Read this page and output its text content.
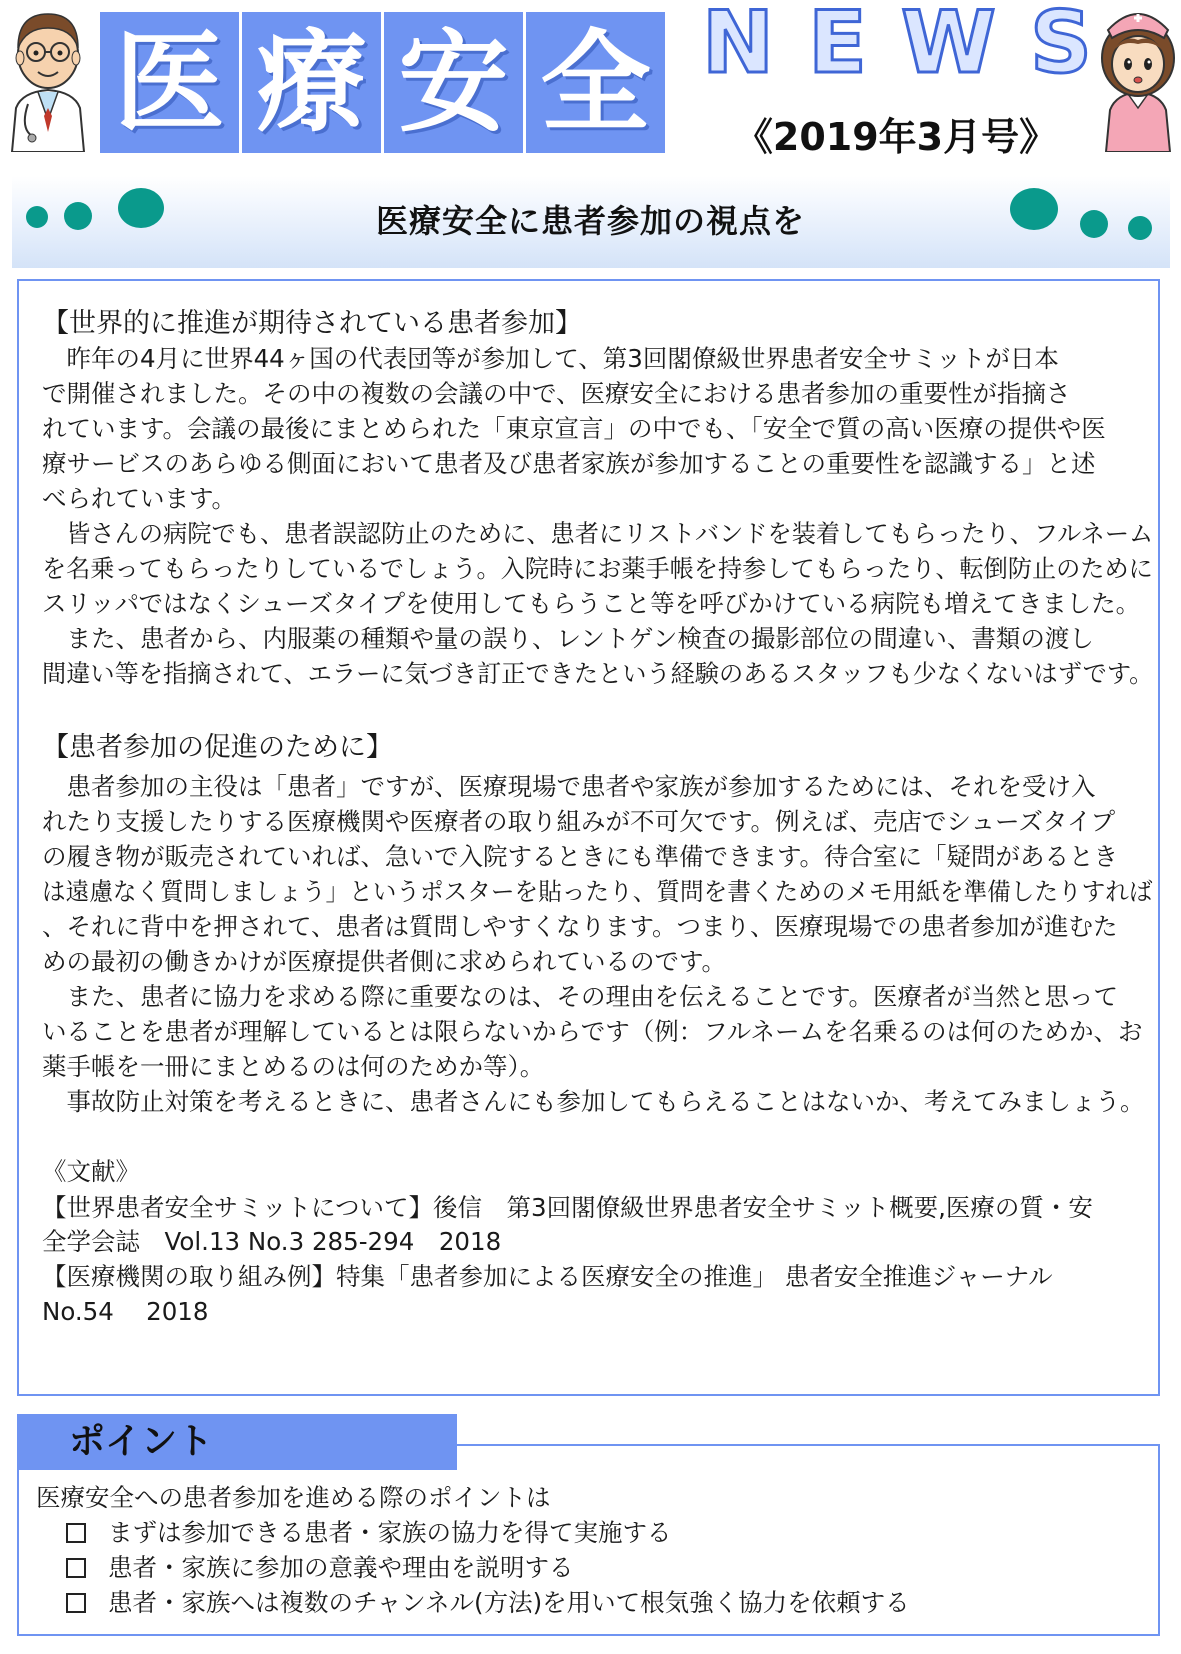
医 療 安 全 N E W S
《2019年3月号》
医療安全に患者参加の視点を
【世界的に推進が期待されている患者参加】
　昨年の4月に世界44ヶ国の代表団等が参加して、第3回閣僚級世界患者安全サミットが日本
で開催されました。その中の複数の会議の中で、医療安全における患者参加の重要性が指摘さ
れています。会議の最後にまとめられた「東京宣言」の中でも、「安全で質の高い医療の提供や医
療サービスのあらゆる側面において患者及び患者家族が参加することの重要性を認識する」と述
べられています。
　皆さんの病院でも、患者誤認防止のために、患者にリストバンドを装着してもらったり、フルネーム
を名乗ってもらったりしているでしょう。入院時にお薬手帳を持参してもらったり、転倒防止のために
スリッパではなくシューズタイプを使用してもらうこと等を呼びかけている病院も増えてきました。
　また、患者から、内服薬の種類や量の誤り、レントゲン検査の撮影部位の間違い、書類の渡し
間違い等を指摘されて、エラーに気づき訂正できたという経験のあるスタッフも少なくないはずです。
【患者参加の促進のために】
　患者参加の主役は「患者」ですが、医療現場で患者や家族が参加するためには、それを受け入
れたり支援したりする医療機関や医療者の取り組みが不可欠です。例えば、売店でシューズタイプ
の履き物が販売されていれば、急いで入院するときにも準備できます。待合室に「疑問があるとき
は遠慮なく質問しましょう」というポスターを貼ったり、質問を書くためのメモ用紙を準備したりすれば
、それに背中を押されて、患者は質問しやすくなります。つまり、医療現場での患者参加が進むた
めの最初の働きかけが医療提供者側に求められているのです。
　また、患者に協力を求める際に重要なのは、その理由を伝えることです。医療者が当然と思って
いることを患者が理解しているとは限らないからです（例：フルネームを名乗るのは何のためか、お
薬手帳を一冊にまとめるのは何のためか等）。
　事故防止対策を考えるときに、患者さんにも参加してもらえることはないか、考えてみましょう。
《文献》
【世界患者安全サミットについて】後信　第3回閣僚級世界患者安全サミット概要,医療の質・安
全学会誌　Vol.13 No.3 285-294　2018
【医療機関の取り組み例】特集「患者参加による医療安全の推進」 患者安全推進ジャーナル
No.54　 2018
ポイント
医療安全への患者参加を進める際のポイントは
まずは参加できる患者・家族の協力を得て実施する
患者・家族に参加の意義や理由を説明する
患者・家族へは複数のチャンネル(方法)を用いて根気強く協力を依頼する
